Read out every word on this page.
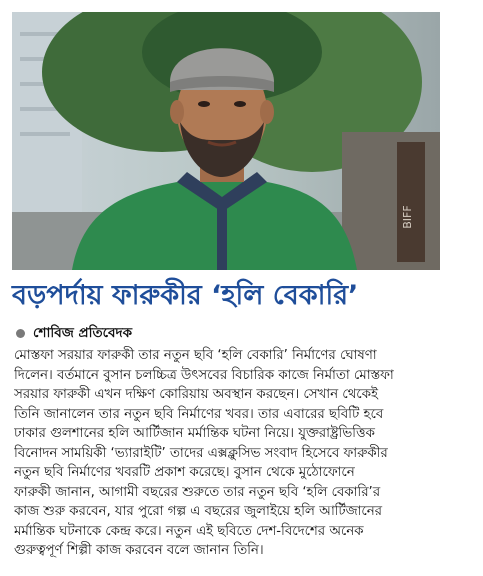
BIFF
বড়পর্দায় ফারুকীর ‘হলি বেকারি’
শোবিজ প্রতিবেদক
মোস্তফা সরয়ার ফারুকী তার নতুন ছবি ‘হলি বেকারি’ নির্মাণের ঘোষণা
দিলেন। বর্তমানে বুসান চলচ্চিত্র উৎসবের বিচারিক কাজে নির্মাতা মোস্তফা
সরয়ার ফারুকী এখন দক্ষিণ কোরিয়ায় অবস্থান করছেন। সেখান থেকেই
তিনি জানালেন তার নতুন ছবি নির্মাণের খবর। তার এবারের ছবিটি হবে
ঢাকার গুলশানের হলি আর্টিজান মর্মান্তিক ঘটনা নিয়ে। যুক্তরাষ্ট্রভিত্তিক
বিনোদন সাময়িকী ‘ভ্যারাইটি’ তাদের এক্সক্লুসিভ সংবাদ হিসেবে ফারুকীর
নতুন ছবি নির্মাণের খবরটি প্রকাশ করেছে। বুসান থেকে মুঠোফোনে
ফারুকী জানান, আগামী বছরের শুরুতে তার নতুন ছবি ‘হলি বেকারি’র
কাজ শুরু করবেন, যার পুরো গল্প এ বছরের জুলাইয়ে হলি আর্টিজানের
মর্মান্তিক ঘটনাকে কেন্দ্র করে। নতুন এই ছবিতে দেশ-বিদেশের অনেক
গুরুত্বপূর্ণ শিল্পী কাজ করবেন বলে জানান তিনি।
